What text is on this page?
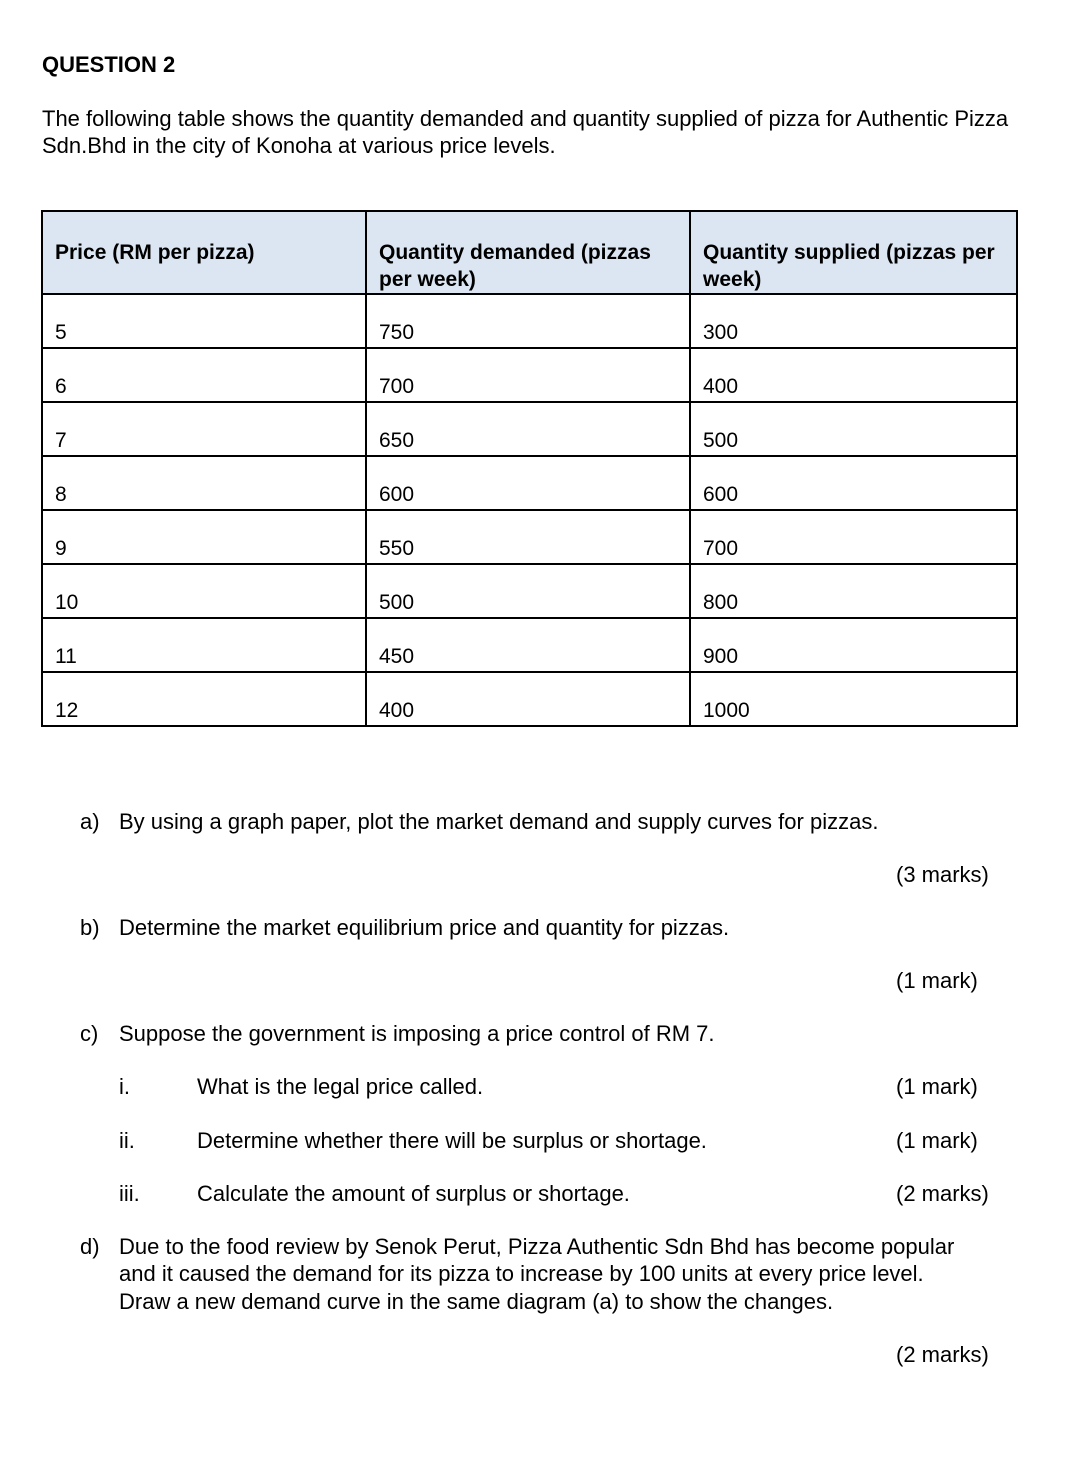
QUESTION 2
The following table shows the quantity demanded and quantity supplied of pizza for Authentic Pizza Sdn.Bhd in the city of Konoha at various price levels.
Price (RM per pizza)	Quantity demanded (pizzas per week)	Quantity supplied (pizzas per week)
5	750	300
6	700	400
7	650	500
8	600	600
9	550	700
10	500	800
11	450	900
12	400	1000
a) By using a graph paper, plot the market demand and supply curves for pizzas.
(3 marks)
b) Determine the market equilibrium price and quantity for pizzas.
(1 mark)
c) Suppose the government is imposing a price control of RM 7.
i.	What is the legal price called.	(1 mark)
ii.	Determine whether there will be surplus or shortage.	(1 mark)
iii.	Calculate the amount of surplus or shortage.	(2 marks)
d) Due to the food review by Senok Perut, Pizza Authentic Sdn Bhd has become popular
and it caused the demand for its pizza to increase by 100 units at every price level.
Draw a new demand curve in the same diagram (a) to show the changes.
(2 marks)
